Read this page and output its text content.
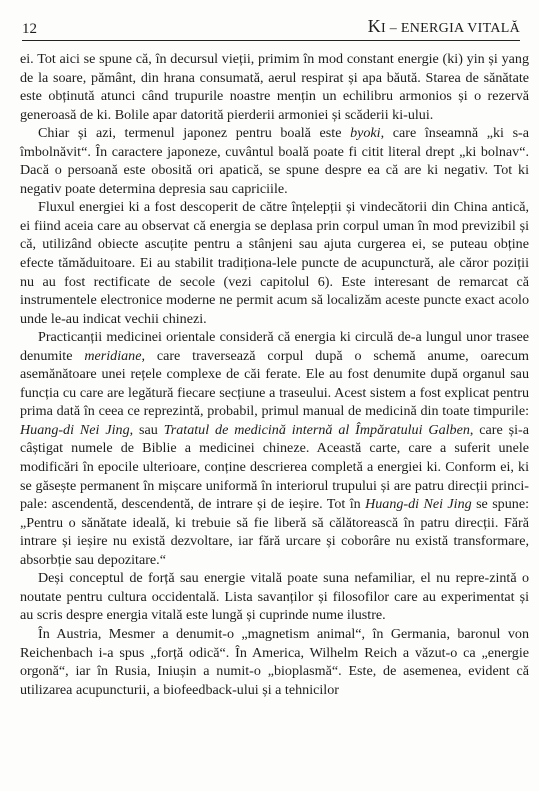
12	KI – ENERGIA VITALĂ

ei. Tot aici se spune că, în decursul vieții, primim în mod constant energie (ki) yin și yang de la soare, pământ, din hrana consumată, aerul respirat și apa băută. Starea de sănătate este obținută atunci când trupurile noastre mențin un echilibru armonios și o rezervă generoasă de ki. Bolile apar datorită pierderii armoniei și scăderii ki-ului.

Chiar și azi, termenul japonez pentru boală este byoki, care înseamnă „ki s-a îmbolnăvit“. În caractere japoneze, cuvântul boală poate fi citit literal drept „ki bolnav“. Dacă o persoană este obosită ori apatică, se spune despre ea că are ki negativ. Tot ki negativ poate determina depresia sau capriciile.

Fluxul energiei ki a fost descoperit de către înțelepții și vindecătorii din China antică, ei fiind aceia care au observat că energia se deplasa prin corpul uman în mod previzibil și că, utilizând obiecte ascuțite pentru a stânjeni sau ajuta curgerea ei, se puteau obține efecte tămăduitoare. Ei au stabilit tradiționa-lele puncte de acupunctură, ale căror poziții nu au fost rectificate de secole (vezi capitolul 6). Este interesant de remarcat că instrumentele electronice moderne ne permit acum să localizăm aceste puncte exact acolo unde le-au indicat vechii chinezi.

Practicanții medicinei orientale consideră că energia ki circulă de-a lungul unor trasee denumite meridiane, care traversează corpul după o schemă anume, oarecum asemănătoare unei rețele complexe de căi ferate. Ele au fost denumite după organul sau funcția cu care are legătură fiecare secțiune a traseului. Acest sistem a fost explicat pentru prima dată în ceea ce reprezintă, probabil, primul manual de medicină din toate timpurile: Huang-di Nei Jing, sau Tratatul de medicină internă al Împăratului Galben, care și-a câștigat numele de Biblie a medicinei chineze. Această carte, care a suferit unele modificări în epocile ulterioare, conține descrierea completă a energiei ki. Conform ei, ki se găsește permanent în mișcare uniformă în interiorul trupului și are patru direcții princi-pale: ascendentă, descendentă, de intrare și de ieșire. Tot în Huang-di Nei Jing se spune: „Pentru o sănătate ideală, ki trebuie să fie liberă să călătorească în patru direcții. Fără intrare și ieșire nu există dezvoltare, iar fără urcare și coborâre nu există transformare, absorbție sau depozitare.“

Deși conceptul de forță sau energie vitală poate suna nefamiliar, el nu repre-zintă o noutate pentru cultura occidentală. Lista savanților și filosofilor care au experimentat și au scris despre energia vitală este lungă și cuprinde nume ilustre.

În Austria, Mesmer a denumit-o „magnetism animal“, în Germania, baronul von Reichenbach i-a spus „forță odică“. În America, Wilhelm Reich a văzut-o ca „energie orgonă“, iar în Rusia, Iniușin a numit-o „bioplasmă“. Este, de asemenea, evident că utilizarea acupuncturii, a biofeedback-ului și a tehnicilor
